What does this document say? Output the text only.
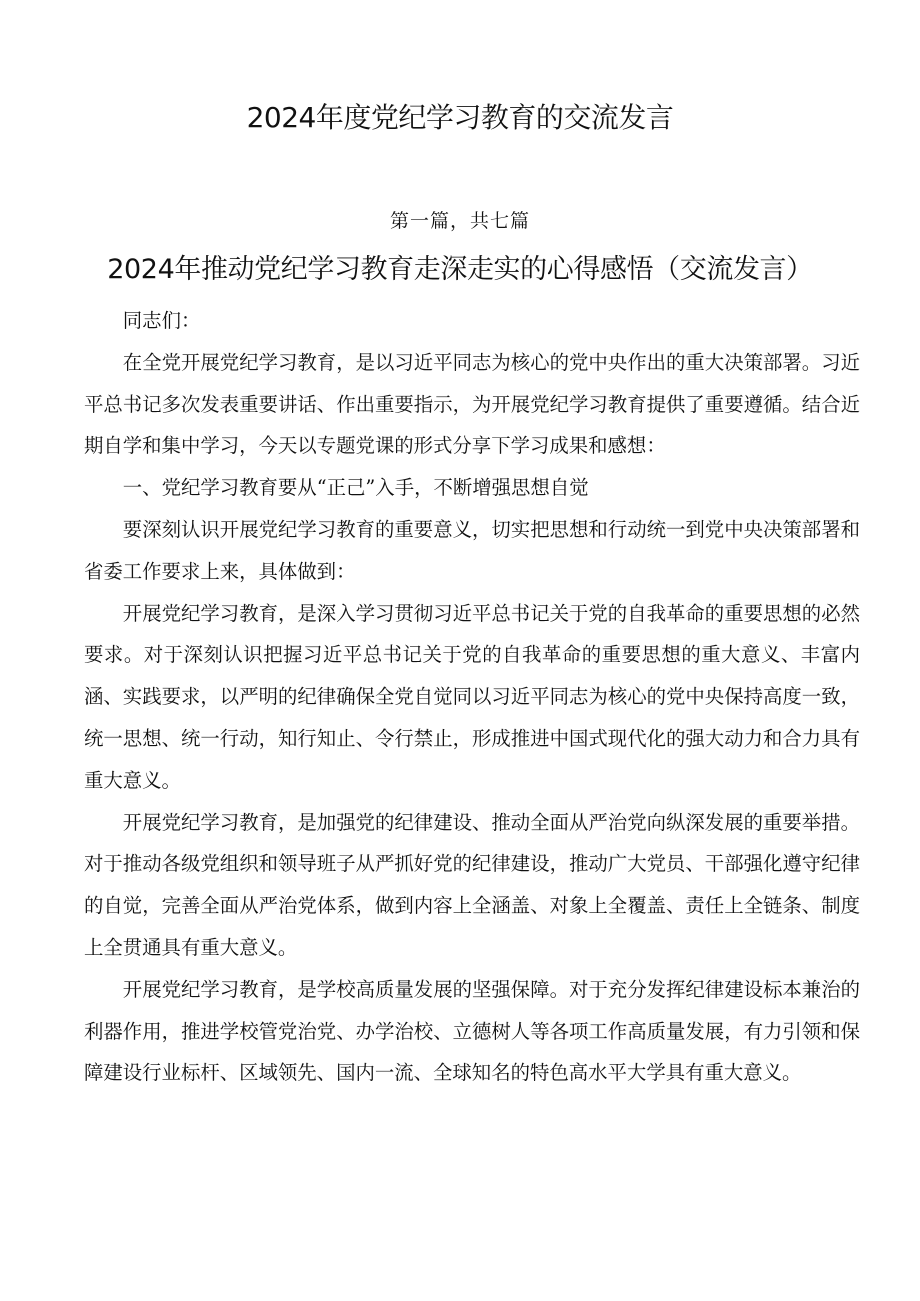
2024年度党纪学习教育的交流发言
第一篇，共七篇
2024年推动党纪学习教育走深走实的心得感悟（交流发言）

同志们：

在全党开展党纪学习教育，是以习近平同志为核心的党中央作出的重大决策部署。习近平总书记多次发表重要讲话、作出重要指示，为开展党纪学习教育提供了重要遵循。结合近期自学和集中学习，今天以专题党课的形式分享下学习成果和感想：

一、党纪学习教育要从“正己”入手，不断增强思想自觉

要深刻认识开展党纪学习教育的重要意义，切实把思想和行动统一到党中央决策部署和省委工作要求上来，具体做到：

开展党纪学习教育，是深入学习贯彻习近平总书记关于党的自我革命的重要思想的必然要求。对于深刻认识把握习近平总书记关于党的自我革命的重要思想的重大意义、丰富内涵、实践要求，以严明的纪律确保全党自觉同以习近平同志为核心的党中央保持高度一致，统一思想、统一行动，知行知止、令行禁止，形成推进中国式现代化的强大动力和合力具有重大意义。

开展党纪学习教育，是加强党的纪律建设、推动全面从严治党向纵深发展的重要举措。对于推动各级党组织和领导班子从严抓好党的纪律建设，推动广大党员、干部强化遵守纪律的自觉，完善全面从严治党体系，做到内容上全涵盖、对象上全覆盖、责任上全链条、制度上全贯通具有重大意义。

开展党纪学习教育，是学校高质量发展的坚强保障。对于充分发挥纪律建设标本兼治的利器作用，推进学校管党治党、办学治校、立德树人等各项工作高质量发展，有力引领和保障建设行业标杆、区域领先、国内一流、全球知名的特色高水平大学具有重大意义。
